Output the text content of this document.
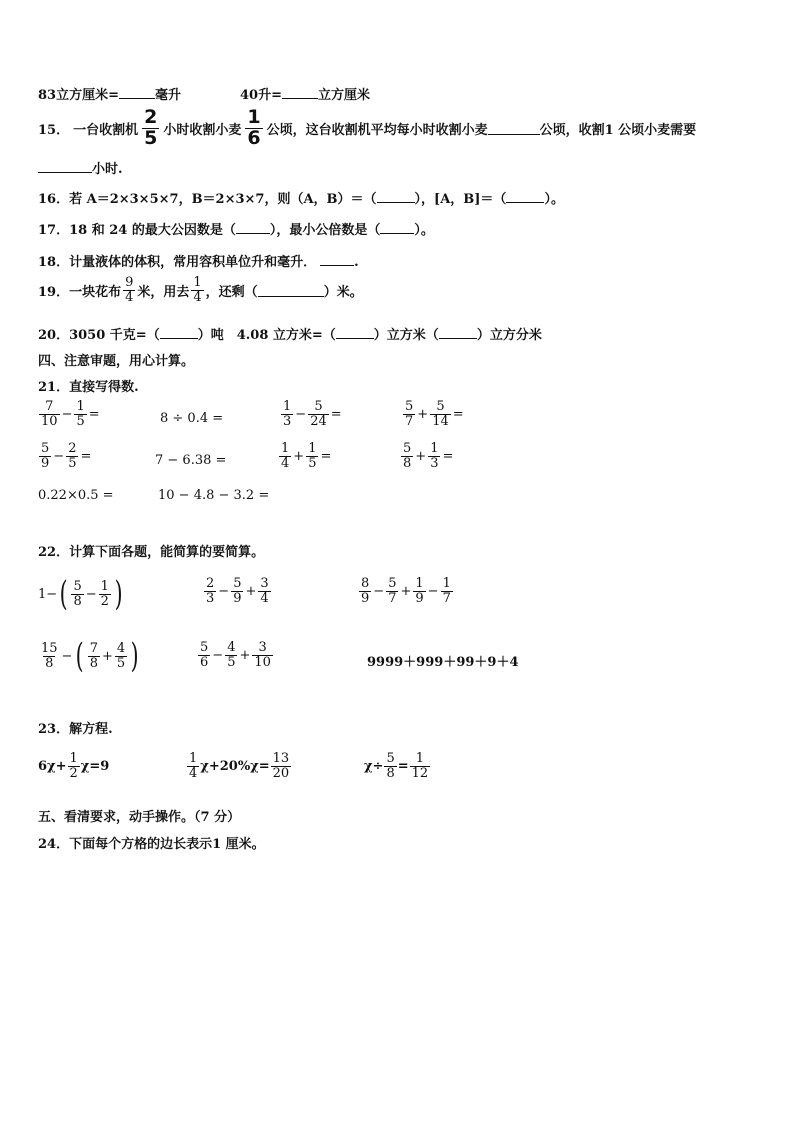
83立方厘米=	毫升	40升=	立方厘米
15． 一台收割机 $\frac{2}{5}$ 小时收割小麦 $\frac{1}{6}$ 公顷，这台收割机平均每小时收割小麦	公顷，收割1 公顷小麦需要
小时.
16．若 A＝2×3×5×7，B＝2×3×7，则（A，B）＝（	），[A，B]＝（	）。
17．18 和 24 的最大公因数是（	），最小公倍数是（	）。
18．计量液体的体积，常用容积单位升和毫升．	.
19．一块花布 $\frac{9}{4}$ 米，用去 $\frac{1}{4}$ ，还剩（	）米。
20．3050 千克=（	）吨　4.08 立方米=（	）立方米（	）立方分米
四、注意审题，用心计算。
21．直接写得数.
$\frac{7}{10} - \frac{1}{5}$ =	8 ÷ 0.4 =	$\frac{1}{3} - \frac{5}{24}$ =	$\frac{5}{7} + \frac{5}{14}$ =
$\frac{5}{9} - \frac{2}{5}$ =	7 − 6.38 =	$\frac{1}{4} + \frac{1}{5}$ =	$\frac{5}{8} + \frac{1}{3}$ =
0.22×0.5 =	10 − 4.8 − 3.2 =
22．计算下面各题，能简算的要简算。
1− ( $\frac{5}{8} - \frac{1}{2}$ )	$\frac{2}{3} - \frac{5}{9} + \frac{3}{4}$	$\frac{8}{9} - \frac{5}{7} + \frac{1}{9} - \frac{1}{7}$
$\frac{15}{8}$ − ( $\frac{7}{8} + \frac{4}{5}$ )	$\frac{5}{6} - \frac{4}{5} + \frac{3}{10}$	9999＋999＋99＋9＋4
23．解方程.
$6\chi+ \frac{1}{2} \chi=9$	$\frac{1}{4} \chi+20\%\chi= \frac{13}{20}$	$\chi\div \frac{5}{8} = \frac{1}{12}$
五、看清要求，动手操作。（7 分）
24．下面每个方格的边长表示1 厘米。
